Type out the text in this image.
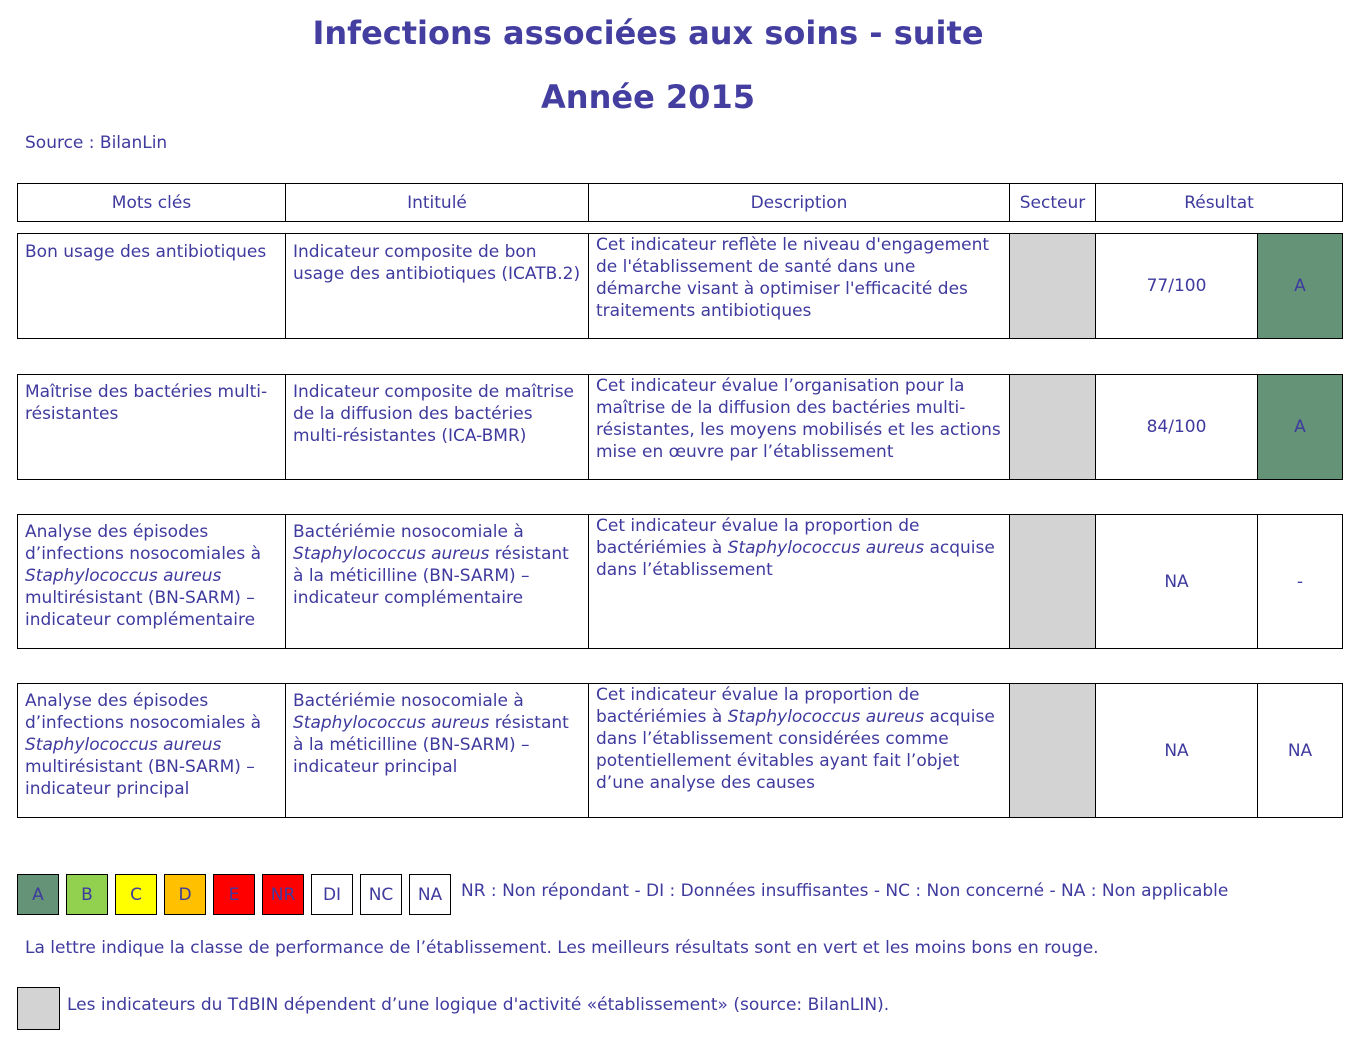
Infections associées aux soins - suite
Année 2015
Source : BilanLin
Mots clés	Intitulé	Description	Secteur	Résultat
Bon usage des antibiotiques	Indicateur composite de bon usage des antibiotiques (ICATB.2)	Cet indicateur reflète le niveau d'engagement de l'établissement de santé dans une démarche visant à optimiser l'efficacité des traitements antibiotiques		77/100	A
Maîtrise des bactéries multi-résistantes	Indicateur composite de maîtrise de la diffusion des bactéries multi-résistantes (ICA-BMR)	Cet indicateur évalue l’organisation pour la maîtrise de la diffusion des bactéries multi-résistantes, les moyens mobilisés et les actions mise en œuvre par l’établissement		84/100	A
Analyse des épisodes d’infections nosocomiales à Staphylococcus aureus multirésistant (BN-SARM) – indicateur complémentaire	Bactériémie nosocomiale à Staphylococcus aureus résistant à la méticilline (BN-SARM) – indicateur complémentaire	Cet indicateur évalue la proportion de bactériémies à Staphylococcus aureus acquise dans l’établissement		NA	-
Analyse des épisodes d’infections nosocomiales à Staphylococcus aureus multirésistant (BN-SARM) – indicateur principal	Bactériémie nosocomiale à Staphylococcus aureus résistant à la méticilline (BN-SARM) – indicateur principal	Cet indicateur évalue la proportion de bactériémies à Staphylococcus aureus acquise dans l’établissement considérées comme potentiellement évitables ayant fait l’objet d’une analyse des causes		NA	NA
A	B	C	D	E	NR	DI	NC	NA	NR : Non répondant - DI : Données insuffisantes - NC : Non concerné - NA : Non applicable
La lettre indique la classe de performance de l’établissement. Les meilleurs résultats sont en vert et les moins bons en rouge.
Les indicateurs du TdBIN dépendent d’une logique d'activité «établissement» (source: BilanLIN).
